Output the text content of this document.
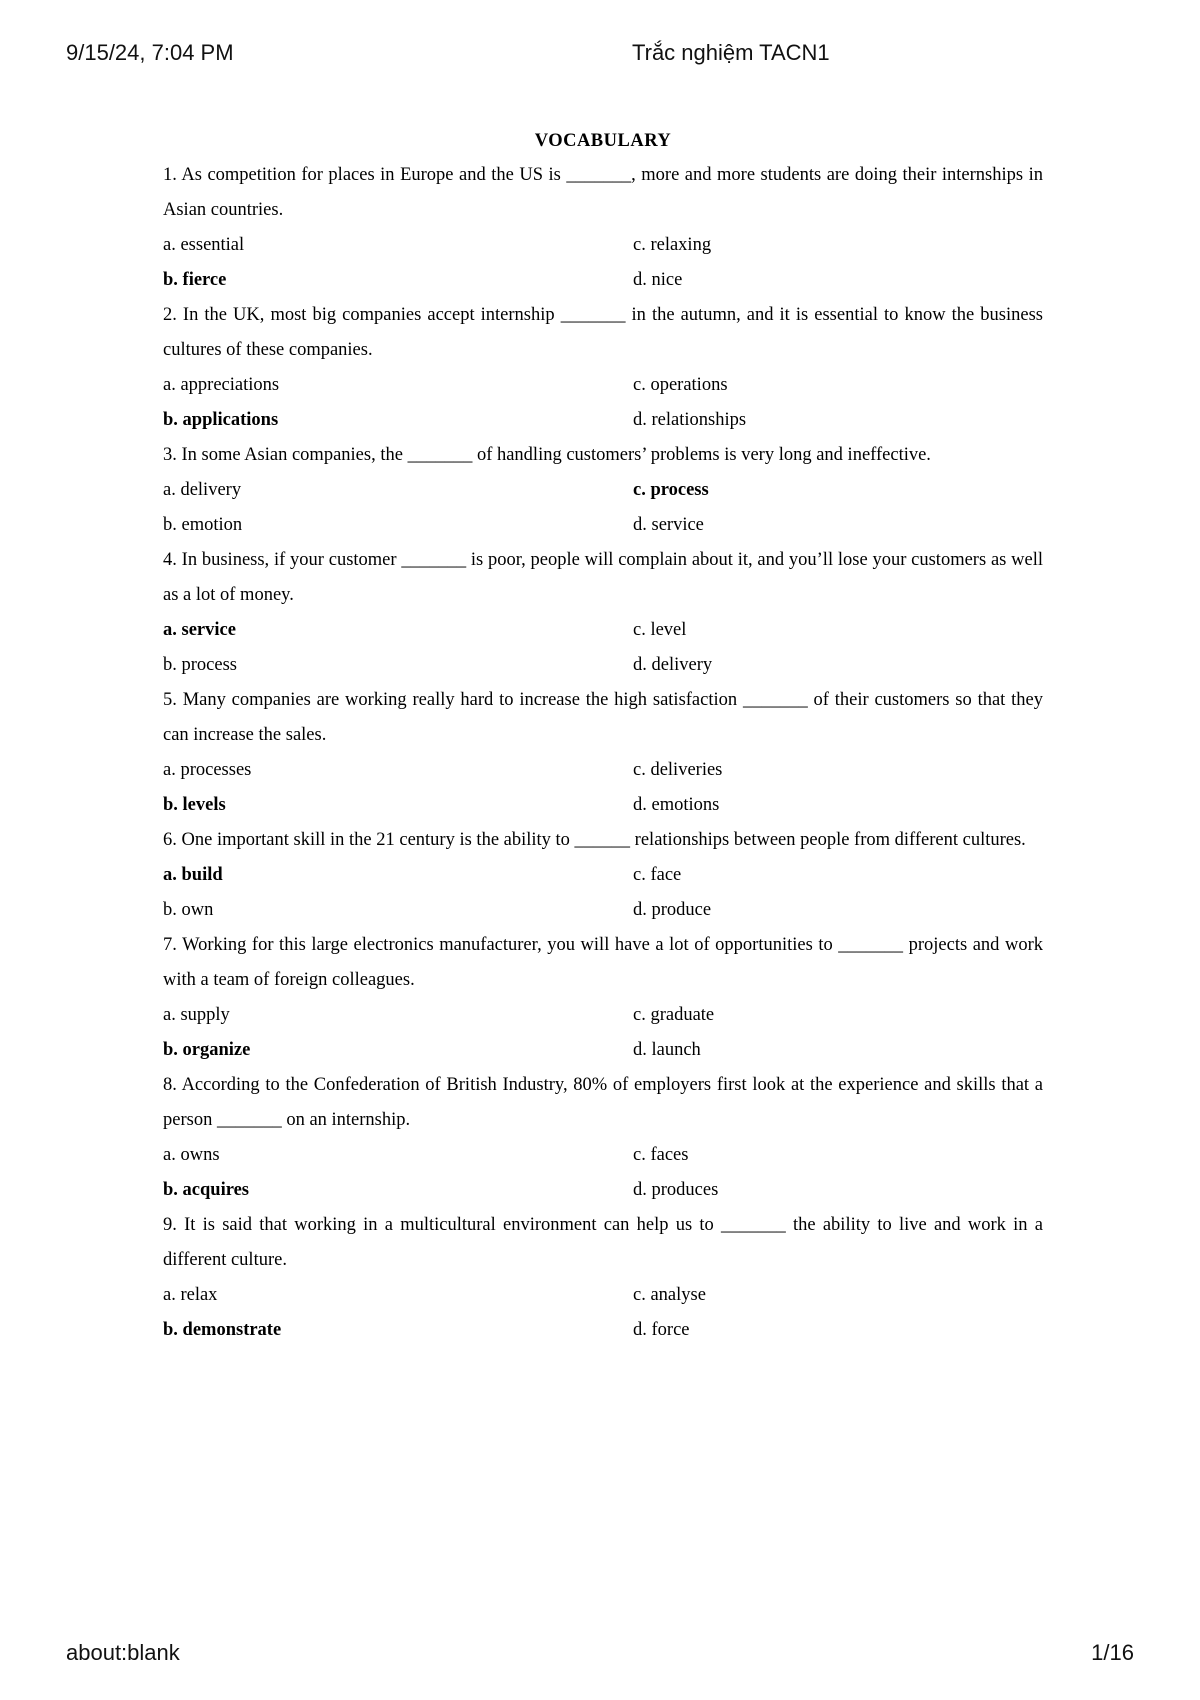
9/15/24, 7:04 PM	Trắc nghiệm TACN1
VOCABULARY
1. As competition for places in Europe and the US is _______, more and more students are doing their internships in Asian countries.
a. essential	c. relaxing
b. fierce	d. nice
2. In the UK, most big companies accept internship _______ in the autumn, and it is essential to know the business cultures of these companies.
a. appreciations	c. operations
b. applications	d. relationships
3. In some Asian companies, the _______ of handling customers’ problems is very long and ineffective.
a. delivery	c. process
b. emotion	d. service
4. In business, if your customer _______ is poor, people will complain about it, and you’ll lose your customers as well as a lot of money.
a. service	c. level
b. process	d. delivery
5. Many companies are working really hard to increase the high satisfaction _______ of their customers so that they can increase the sales.
a. processes	c. deliveries
b. levels	d. emotions
6. One important skill in the 21 century is the ability to ______ relationships between people from different cultures.
a. build	c. face
b. own	d. produce
7. Working for this large electronics manufacturer, you will have a lot of opportunities to _______ projects and work with a team of foreign colleagues.
a. supply	c. graduate
b. organize	d. launch
8. According to the Confederation of British Industry, 80% of employers first look at the experience and skills that a person _______ on an internship.
a. owns	c. faces
b. acquires	d. produces
9. It is said that working in a multicultural environment can help us to _______ the ability to live and work in a different culture.
a. relax	c. analyse
b. demonstrate	d. force
about:blank	1/16
